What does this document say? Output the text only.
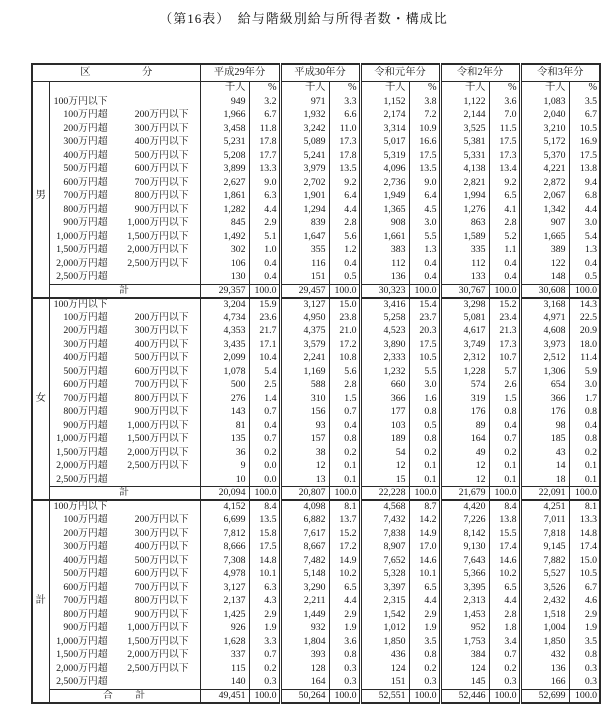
（第16表）　給与階級別給与所得者数・構成比
区　　　　　分		平成29年分		平成30年分		令和元年分		令和2年分		令和3年分	
		千人	%	千人	%	千人	%	千人	%	千人	%
男	100万円以下	949	3.2	971	3.3	1,152	3.8	1,122	3.6	1,083	3.5

	100万円超 200万円以下	1,966	6.7	1,932	6.6	2,174	7.2	2,144	7.0	2,040	6.7

	200万円超 300万円以下	3,458	11.8	3,242	11.0	3,314	10.9	3,525	11.5	3,210	10.5

	300万円超 400万円以下	5,231	17.8	5,089	17.3	5,017	16.6	5,381	17.5	5,172	16.9

	400万円超 500万円以下	5,208	17.7	5,241	17.8	5,319	17.5	5,331	17.3	5,370	17.5

	500万円超 600万円以下	3,899	13.3	3,979	13.5	4,096	13.5	4,138	13.4	4,221	13.8

	600万円超 700万円以下	2,627	9.0	2,702	9.2	2,736	9.0	2,821	9.2	2,872	9.4

	700万円超 800万円以下	1,861	6.3	1,901	6.4	1,949	6.4	1,994	6.5	2,067	6.8

	800万円超 900万円以下	1,282	4.4	1,294	4.4	1,365	4.5	1,276	4.1	1,342	4.4

	900万円超 1,000万円以下	845	2.9	839	2.8	908	3.0	863	2.8	907	3.0

	1,000万円超 1,500万円以下	1,492	5.1	1,647	5.6	1,661	5.5	1,589	5.2	1,665	5.4

	1,500万円超 2,000万円以下	302	1.0	355	1.2	383	1.3	335	1.1	389	1.3

	2,000万円超 2,500万円以下	106	0.4	116	0.4	112	0.4	112	0.4	122	0.4

	2,500万円超	130	0.4	151	0.5	136	0.4	133	0.4	148	0.5
	計	29,357	100.0	29,457	100.0	30,323	100.0	30,767	100.0	30,608	100.0
女	100万円以下	3,204	15.9	3,127	15.0	3,416	15.4	3,298	15.2	3,168	14.3

	100万円超 200万円以下	4,734	23.6	4,950	23.8	5,258	23.7	5,081	23.4	4,971	22.5

	200万円超 300万円以下	4,353	21.7	4,375	21.0	4,523	20.3	4,617	21.3	4,608	20.9

	300万円超 400万円以下	3,435	17.1	3,579	17.2	3,890	17.5	3,749	17.3	3,973	18.0

	400万円超 500万円以下	2,099	10.4	2,241	10.8	2,333	10.5	2,312	10.7	2,512	11.4

	500万円超 600万円以下	1,078	5.4	1,169	5.6	1,232	5.5	1,228	5.7	1,306	5.9

	600万円超 700万円以下	500	2.5	588	2.8	660	3.0	574	2.6	654	3.0

	700万円超 800万円以下	276	1.4	310	1.5	366	1.6	319	1.5	366	1.7

	800万円超 900万円以下	143	0.7	156	0.7	177	0.8	176	0.8	176	0.8

	900万円超 1,000万円以下	81	0.4	93	0.4	103	0.5	89	0.4	98	0.4

	1,000万円超 1,500万円以下	135	0.7	157	0.8	189	0.8	164	0.7	185	0.8

	1,500万円超 2,000万円以下	36	0.2	38	0.2	54	0.2	49	0.2	43	0.2

	2,000万円超 2,500万円以下	9	0.0	12	0.1	12	0.1	12	0.1	14	0.1

	2,500万円超	10	0.0	13	0.1	15	0.1	12	0.1	18	0.1
	計	20,094	100.0	20,807	100.0	22,228	100.0	21,679	100.0	22,091	100.0
計	100万円以下	4,152	8.4	4,098	8.1	4,568	8.7	4,420	8.4	4,251	8.1

	100万円超 200万円以下	6,699	13.5	6,882	13.7	7,432	14.2	7,226	13.8	7,011	13.3

	200万円超 300万円以下	7,812	15.8	7,617	15.2	7,838	14.9	8,142	15.5	7,818	14.8

	300万円超 400万円以下	8,666	17.5	8,667	17.2	8,907	17.0	9,130	17.4	9,145	17.4

	400万円超 500万円以下	7,308	14.8	7,482	14.9	7,652	14.6	7,643	14.6	7,882	15.0

	500万円超 600万円以下	4,978	10.1	5,148	10.2	5,328	10.1	5,366	10.2	5,527	10.5

	600万円超 700万円以下	3,127	6.3	3,290	6.5	3,397	6.5	3,395	6.5	3,526	6.7

	700万円超 800万円以下	2,137	4.3	2,211	4.4	2,315	4.4	2,313	4.4	2,432	4.6

	800万円超 900万円以下	1,425	2.9	1,449	2.9	1,542	2.9	1,453	2.8	1,518	2.9

	900万円超 1,000万円以下	926	1.9	932	1.9	1,012	1.9	952	1.8	1,004	1.9

	1,000万円超 1,500万円以下	1,628	3.3	1,804	3.6	1,850	3.5	1,753	3.4	1,850	3.5

	1,500万円超 2,000万円以下	337	0.7	393	0.8	436	0.8	384	0.7	432	0.8

	2,000万円超 2,500万円以下	115	0.2	128	0.3	124	0.2	124	0.2	136	0.3

	2,500万円超	140	0.3	164	0.3	151	0.3	145	0.3	166	0.3
	合　　計	49,451	100.0	50,264	100.0	52,551	100.0	52,446	100.0	52,699	100.0
